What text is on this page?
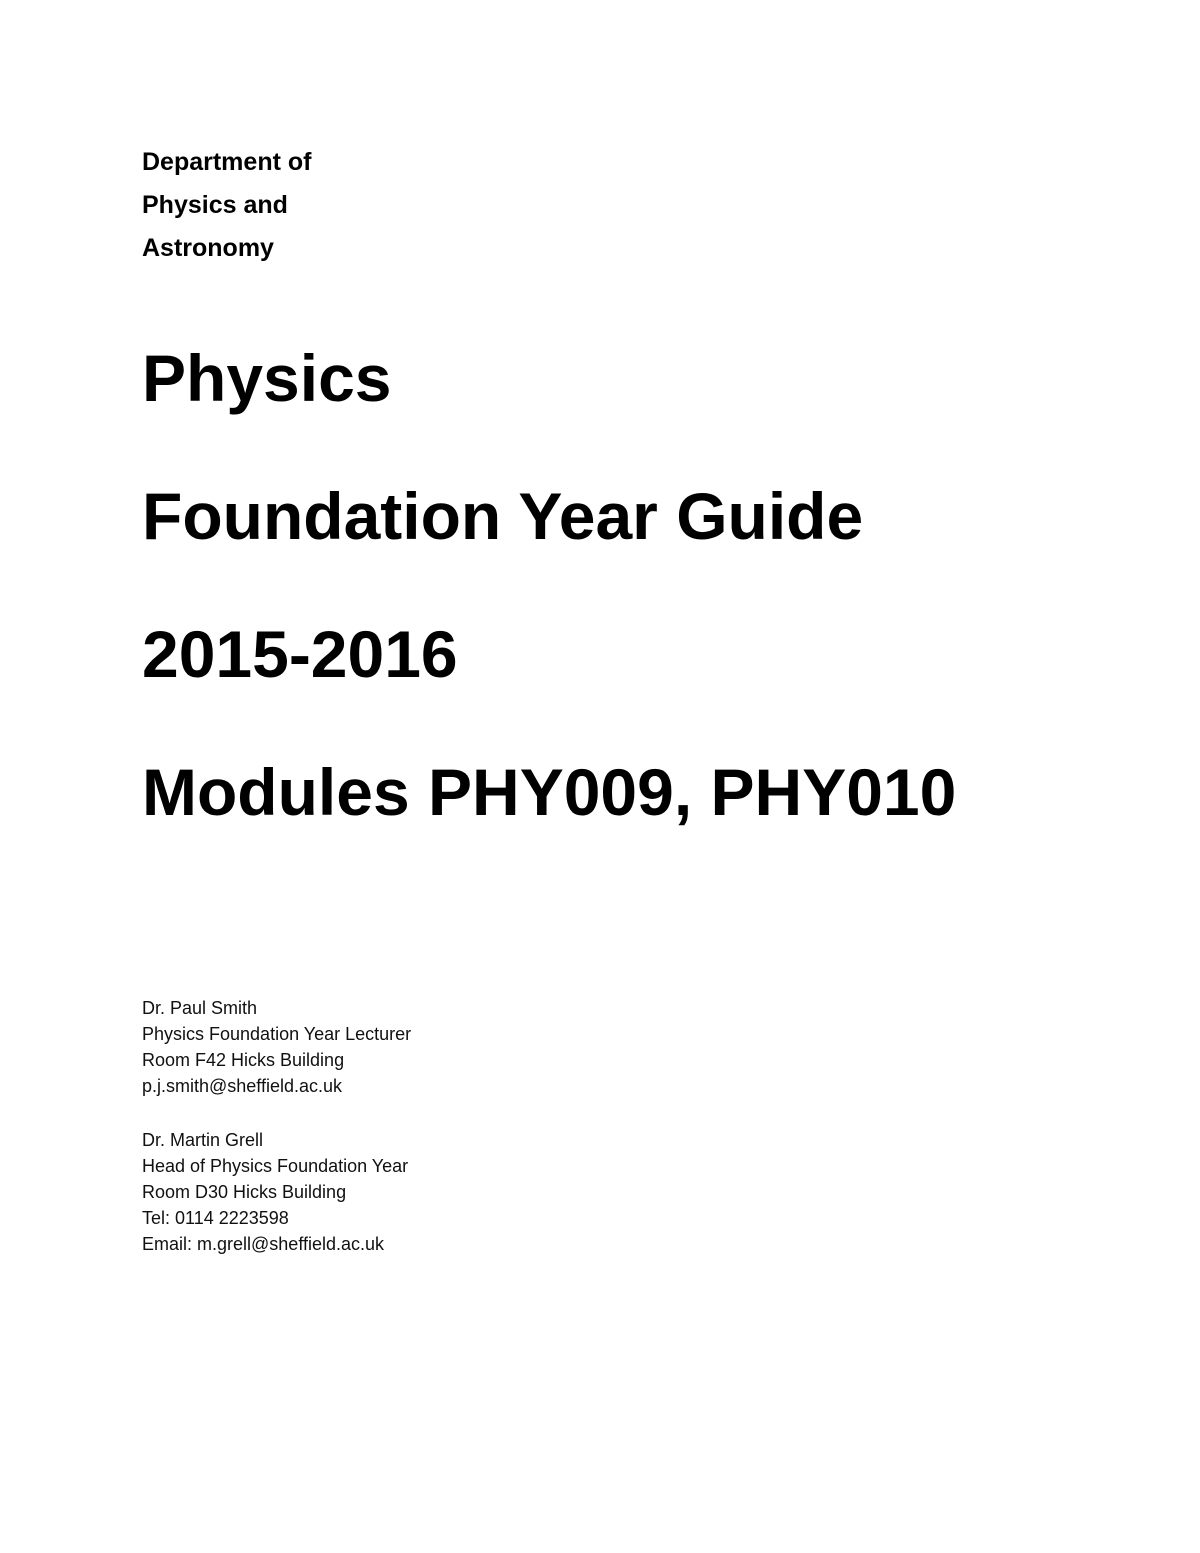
Department of
Physics and
Astronomy
Physics
Foundation Year Guide
2015-2016
Modules PHY009, PHY010
Dr. Paul Smith
Physics Foundation Year Lecturer
Room F42 Hicks Building
p.j.smith@sheffield.ac.uk
Dr. Martin Grell
Head of Physics Foundation Year
Room D30 Hicks Building
Tel: 0114 2223598
Email: m.grell@sheffield.ac.uk
